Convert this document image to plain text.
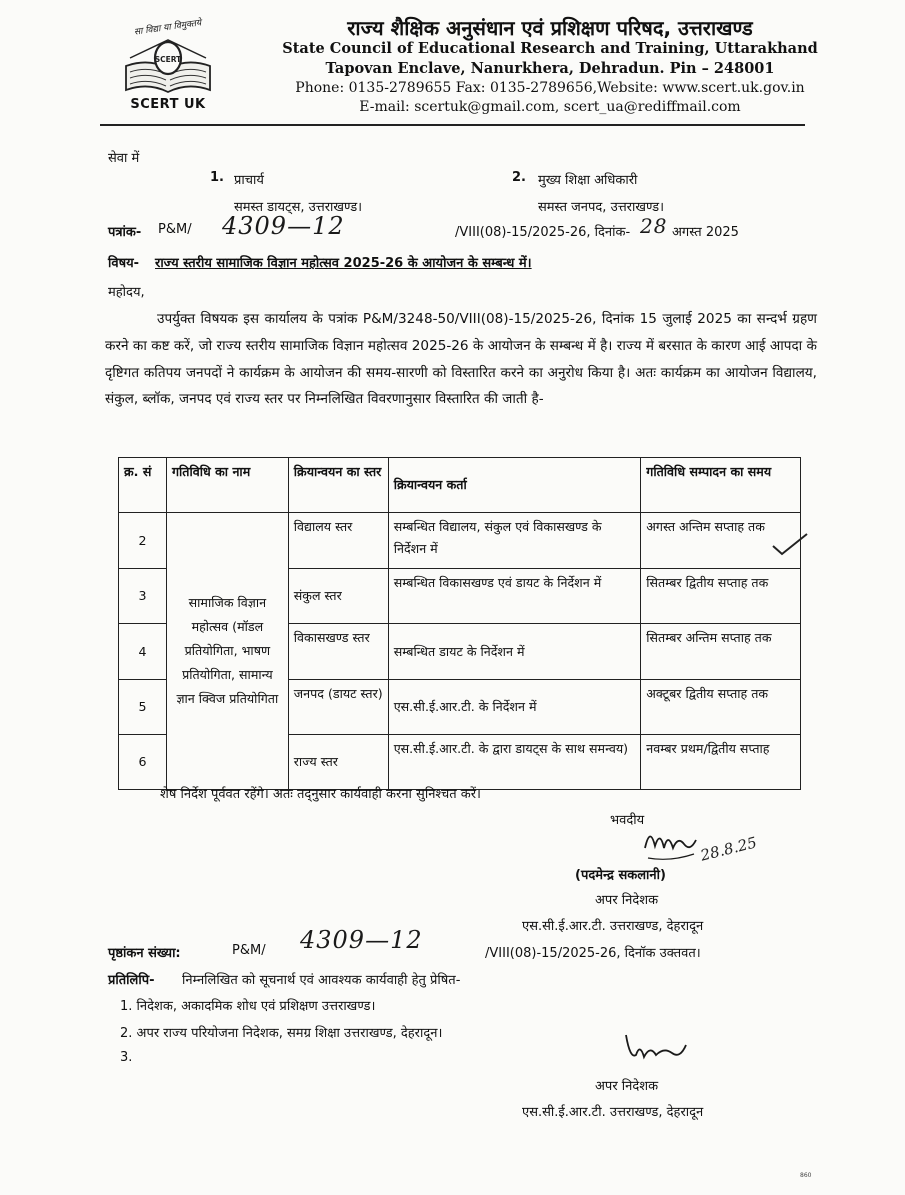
सा विद्या या विमुक्तये
SCERT
SCERT UK
राज्य शैक्षिक अनुसंधान एवं प्रशिक्षण परिषद, उत्तराखण्ड
State Council of Educational Research and Training, Uttarakhand
Tapovan Enclave, Nanurkhera, Dehradun. Pin – 248001
Phone: 0135-2789655 Fax: 0135-2789656,Website: www.scert.uk.gov.in
E-mail: scertuk@gmail.com, scert_ua@rediffmail.com
सेवा में
1. प्राचार्य
समस्त डायट्स, उत्तराखण्ड।
2. मुख्य शिक्षा अधिकारी
समस्त जनपद, उत्तराखण्ड।
पत्रांक- P&M/ 4309—12	/VIII(08)-15/2025-26, दिनांक- 28 अगस्त 2025
विषय- राज्य स्तरीय सामाजिक विज्ञान महोत्सव 2025-26 के आयोजन के सम्बन्ध में।
महोदय,
उपर्युक्त विषयक इस कार्यालय के पत्रांक P&M/3248-50/VIII(08)-15/2025-26, दिनांक 15 जुलाई 2025 का सन्दर्भ ग्रहण करने का कष्ट करें, जो राज्य स्तरीय सामाजिक विज्ञान महोत्सव 2025-26 के आयोजन के सम्बन्ध में है। राज्य में बरसात के कारण आई आपदा के दृष्टिगत कतिपय जनपदों ने कार्यक्रम के आयोजन की समय-सारणी को विस्तारित करने का अनुरोध किया है। अतः कार्यक्रम का आयोजन विद्यालय, संकुल, ब्लॉक, जनपद एवं राज्य स्तर पर निम्नलिखित विवरणानुसार विस्तारित की जाती है-
क्र. सं	गतिविधि का नाम	क्रियान्वयन का स्तर	क्रियान्वयन कर्ता	गतिविधि सम्पादन का समय
2	सामाजिक विज्ञान महोत्सव (मॉडल प्रतियोगिता, भाषण प्रतियोगिता, सामान्य ज्ञान क्विज प्रतियोगिता	विद्यालय स्तर	सम्बन्धित विद्यालय, संकुल एवं विकासखण्ड के निर्देशन में	अगस्त अन्तिम सप्ताह तक
3		संकुल स्तर	सम्बन्धित विकासखण्ड एवं डायट के निर्देशन में	सितम्बर द्वितीय सप्ताह तक
4		विकासखण्ड स्तर	सम्बन्धित डायट के निर्देशन में	सितम्बर अन्तिम सप्ताह तक
5		जनपद (डायट स्तर)	एस.सी.ई.आर.टी. के निर्देशन में	अक्टूबर द्वितीय सप्ताह तक
6		राज्य स्तर	एस.सी.ई.आर.टी. के द्वारा डायट्स के साथ समन्वय)	नवम्बर प्रथम/द्वितीय सप्ताह
शेष निर्देश पूर्ववत रहेंगे। अतः तद्नुसार कार्यवाही करना सुनिश्चत करें।
भवदीय
28.8.25
(पदमेन्द्र सकलानी)
अपर निदेशक
एस.सी.ई.आर.टी. उत्तराखण्ड, देहरादून
पृष्ठांकन संख्या:	P&M/ 4309—12	/VIII(08)-15/2025-26, दिनॉक उक्तवत।
प्रतिलिपि- निम्नलिखित को सूचनार्थ एवं आवश्यक कार्यवाही हेतु प्रेषित-
1. निदेशक, अकादमिक शोध एवं प्रशिक्षण उत्तराखण्ड।
2. अपर राज्य परियोजना निदेशक, समग्र शिक्षा उत्तराखण्ड, देहरादून।
3.
अपर निदेशक
एस.सी.ई.आर.टी. उत्तराखण्ड, देहरादून
860
